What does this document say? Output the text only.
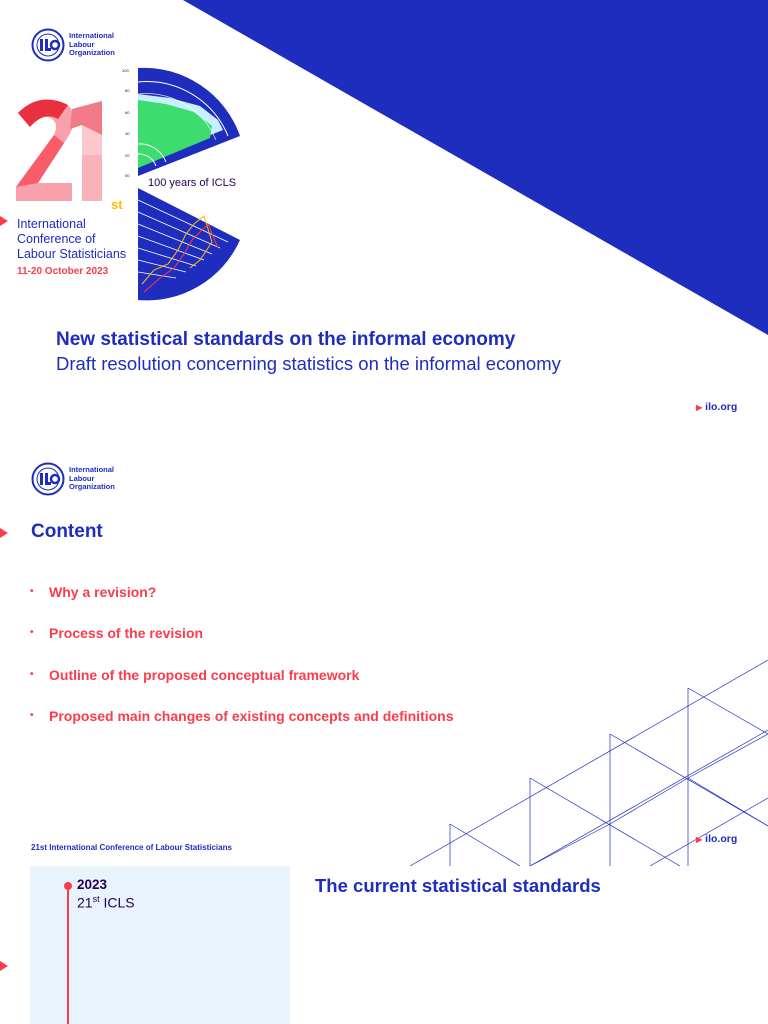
International
Labour
Organization
st
100
80
60
40
20
00
100 years of ICLS
International
Conference of
Labour Statisticians
11-20 October 2023
New statistical standards on the informal economy
Draft resolution concerning statistics on the informal economy
▶ ilo.org
International
Labour
Organization
Content
•	Why a revision?
•	Process of the revision
•	Outline of the proposed conceptual framework
•	Proposed main changes of existing concepts and definitions
21st International Conference of Labour Statisticians
▶ ilo.org
2023
21st ICLS
The current statistical standards
